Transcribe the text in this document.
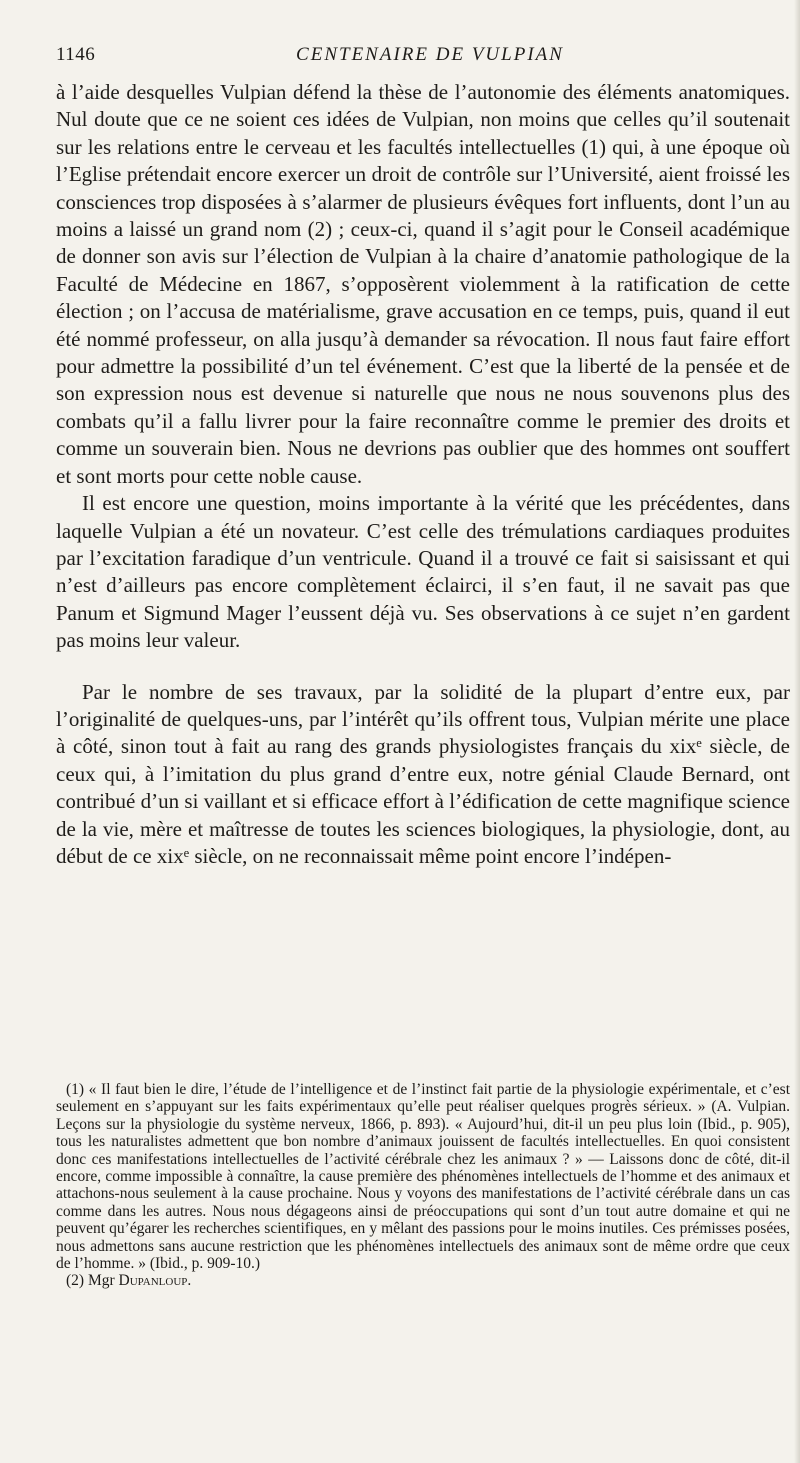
1146	CENTENAIRE DE VULPIAN

à l’aide desquelles Vulpian défend la thèse de l’autonomie des éléments anatomiques. Nul doute que ce ne soient ces idées de Vulpian, non moins que celles qu’il soutenait sur les relations entre le cerveau et les facultés intellectuelles (1) qui, à une époque où l’Eglise prétendait encore exercer un droit de contrôle sur l’Université, aient froissé les consciences trop disposées à s’alarmer de plusieurs évêques fort influents, dont l’un au moins a laissé un grand nom (2) ; ceux-ci, quand il s’agit pour le Conseil académique de donner son avis sur l’élection de Vulpian à la chaire d’anatomie pathologique de la Faculté de Médecine en 1867, s’opposèrent violemment à la ratification de cette élection ; on l’accusa de matérialisme, grave accusation en ce temps, puis, quand il eut été nommé professeur, on alla jusqu’à demander sa révocation. Il nous faut faire effort pour admettre la possibilité d’un tel événement. C’est que la liberté de la pensée et de son expression nous est devenue si naturelle que nous ne nous souvenons plus des combats qu’il a fallu livrer pour la faire reconnaître comme le premier des droits et comme un souverain bien. Nous ne devrions pas oublier que des hommes ont souffert et sont morts pour cette noble cause.

Il est encore une question, moins importante à la vérité que les précédentes, dans laquelle Vulpian a été un novateur. C’est celle des trémulations cardiaques produites par l’excitation faradique d’un ventricule. Quand il a trouvé ce fait si saisissant et qui n’est d’ailleurs pas encore complètement éclairci, il s’en faut, il ne savait pas que Panum et Sigmund Mager l’eussent déjà vu. Ses observations à ce sujet n’en gardent pas moins leur valeur.

Par le nombre de ses travaux, par la solidité de la plupart d’entre eux, par l’originalité de quelques-uns, par l’intérêt qu’ils offrent tous, Vulpian mérite une place à côté, sinon tout à fait au rang des grands physiologistes français du xixᵉ siècle, de ceux qui, à l’imitation du plus grand d’entre eux, notre génial Claude Bernard, ont contribué d’un si vaillant et si efficace effort à l’édification de cette magnifique science de la vie, mère et maîtresse de toutes les sciences biologiques, la physiologie, dont, au début de ce xixᵉ siècle, on ne reconnaissait même point encore l’indépen-

(1) « Il faut bien le dire, l’étude de l’intelligence et de l’instinct fait partie de la physiologie expérimentale, et c’est seulement en s’appuyant sur les faits expérimentaux qu’elle peut réaliser quelques progrès sérieux. » (A. Vulpian. Leçons sur la physiologie du système nerveux, 1866, p. 893). « Aujourd’hui, dit-il un peu plus loin (Ibid., p. 905), tous les naturalistes admettent que bon nombre d’animaux jouissent de facultés intellectuelles. En quoi consistent donc ces manifestations intellectuelles de l’activité cérébrale chez les animaux ? » — Laissons donc de côté, dit-il encore, comme impossible à connaître, la cause première des phénomènes intellectuels de l’homme et des animaux et attachons-nous seulement à la cause prochaine. Nous y voyons des manifestations de l’activité cérébrale dans un cas comme dans les autres. Nous nous dégageons ainsi de préoccupations qui sont d’un tout autre domaine et qui ne peuvent qu’égarer les recherches scientifiques, en y mêlant des passions pour le moins inutiles. Ces prémisses posées, nous admettons sans aucune restriction que les phénomènes intellectuels des animaux sont de même ordre que ceux de l’homme. » (Ibid., p. 909-10.)

(2) Mgr Dupanloup.
